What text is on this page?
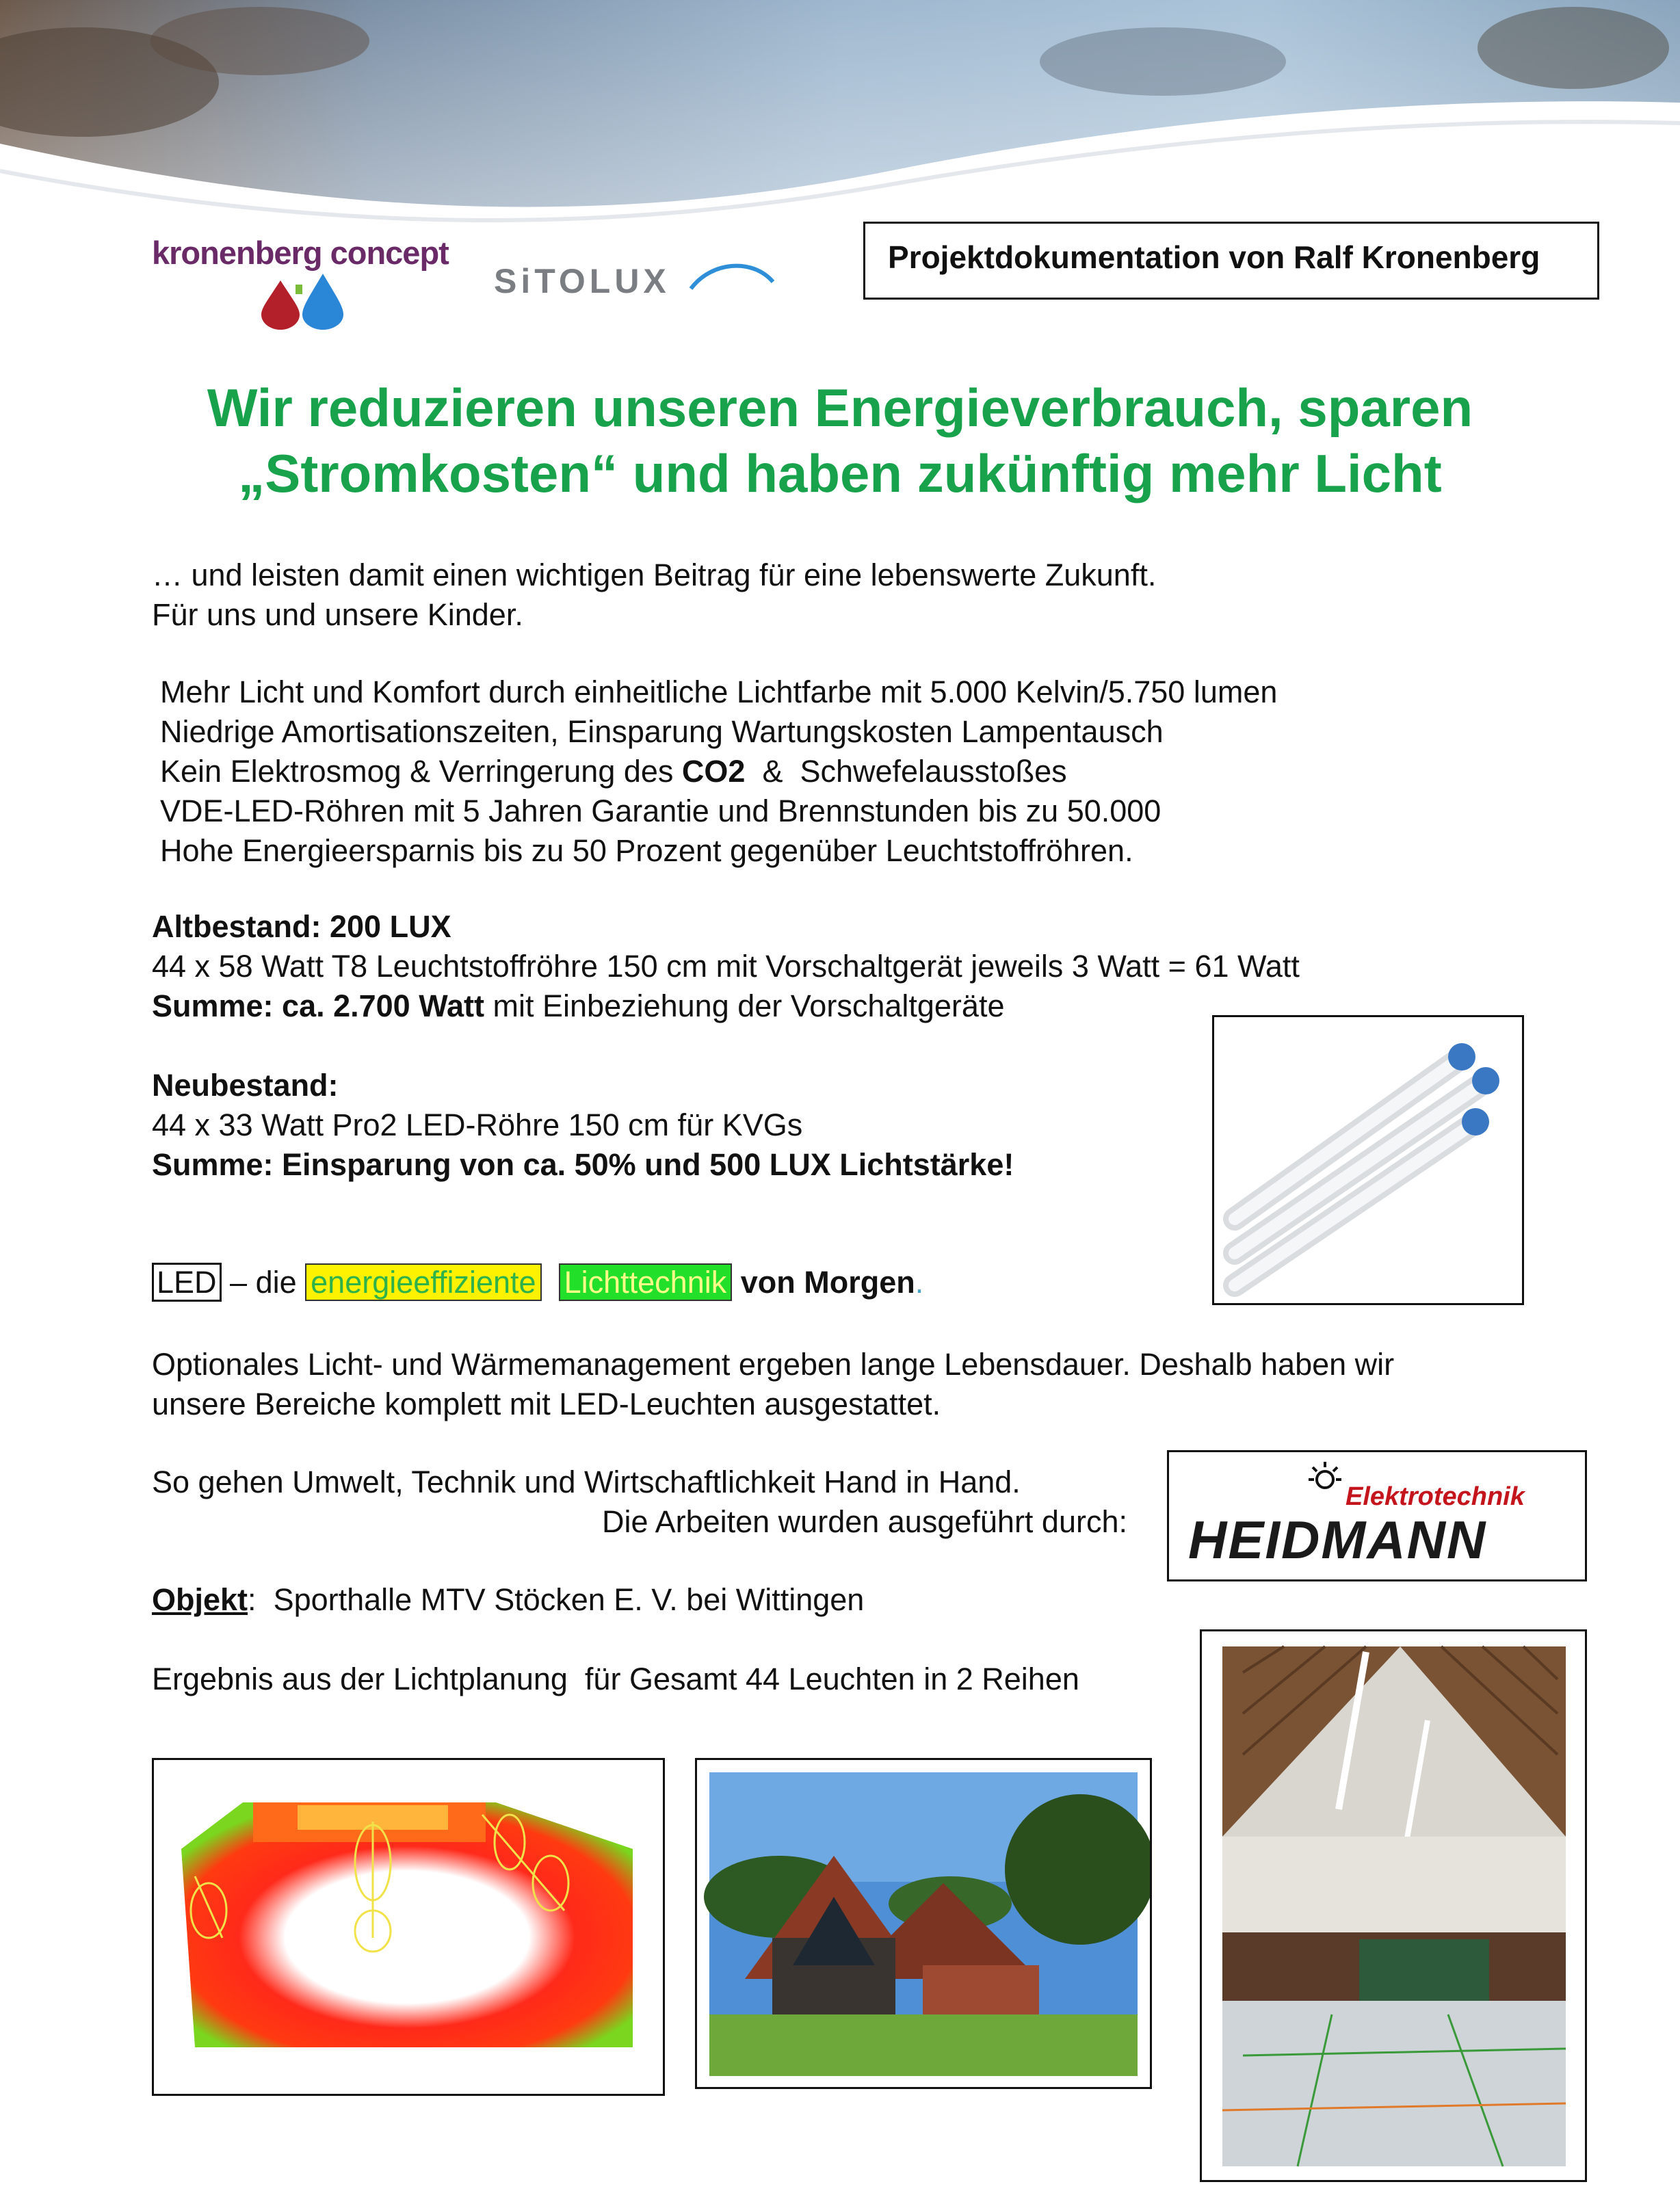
kronenberg concept
SiTOLUX
Projektdokumentation von Ralf Kronenberg
Wir reduzieren unseren Energieverbrauch, sparen
„Stromkosten“ und haben zukünftig mehr Licht
… und leisten damit einen wichtigen Beitrag für eine lebenswerte Zukunft.
Für uns und unsere Kinder.
Mehr Licht und Komfort durch einheitliche Lichtfarbe mit 5.000 Kelvin/5.750 lumen
Niedrige Amortisationszeiten, Einsparung Wartungskosten Lampentausch
Kein Elektrosmog & Verringerung des CO2  &  Schwefelausstoßes
VDE-LED-Röhren mit 5 Jahren Garantie und Brennstunden bis zu 50.000
Hohe Energieersparnis bis zu 50 Prozent gegenüber Leuchtstoffröhren.
Altbestand: 200 LUX
44 x 58 Watt T8 Leuchtstoffröhre 150 cm mit Vorschaltgerät jeweils 3 Watt = 61 Watt
Summe: ca. 2.700 Watt mit Einbeziehung der Vorschaltgeräte
Neubestand:
44 x 33 Watt Pro2 LED-Röhre 150 cm für KVGs
Summe: Einsparung von ca. 50% und 500 LUX Lichtstärke!
LED – die energieeffiziente Lichttechnik von Morgen.
Optionales Licht- und Wärmemanagement ergeben lange Lebensdauer. Deshalb haben wir
unsere Bereiche komplett mit LED-Leuchten ausgestattet.
So gehen Umwelt, Technik und Wirtschaftlichkeit Hand in Hand.
Die Arbeiten wurden ausgeführt durch:
Elektrotechnik
HEIDMANN
Objekt:  Sporthalle MTV Stöcken E. V. bei Wittingen
Ergebnis aus der Lichtplanung  für Gesamt 44 Leuchten in 2 Reihen
